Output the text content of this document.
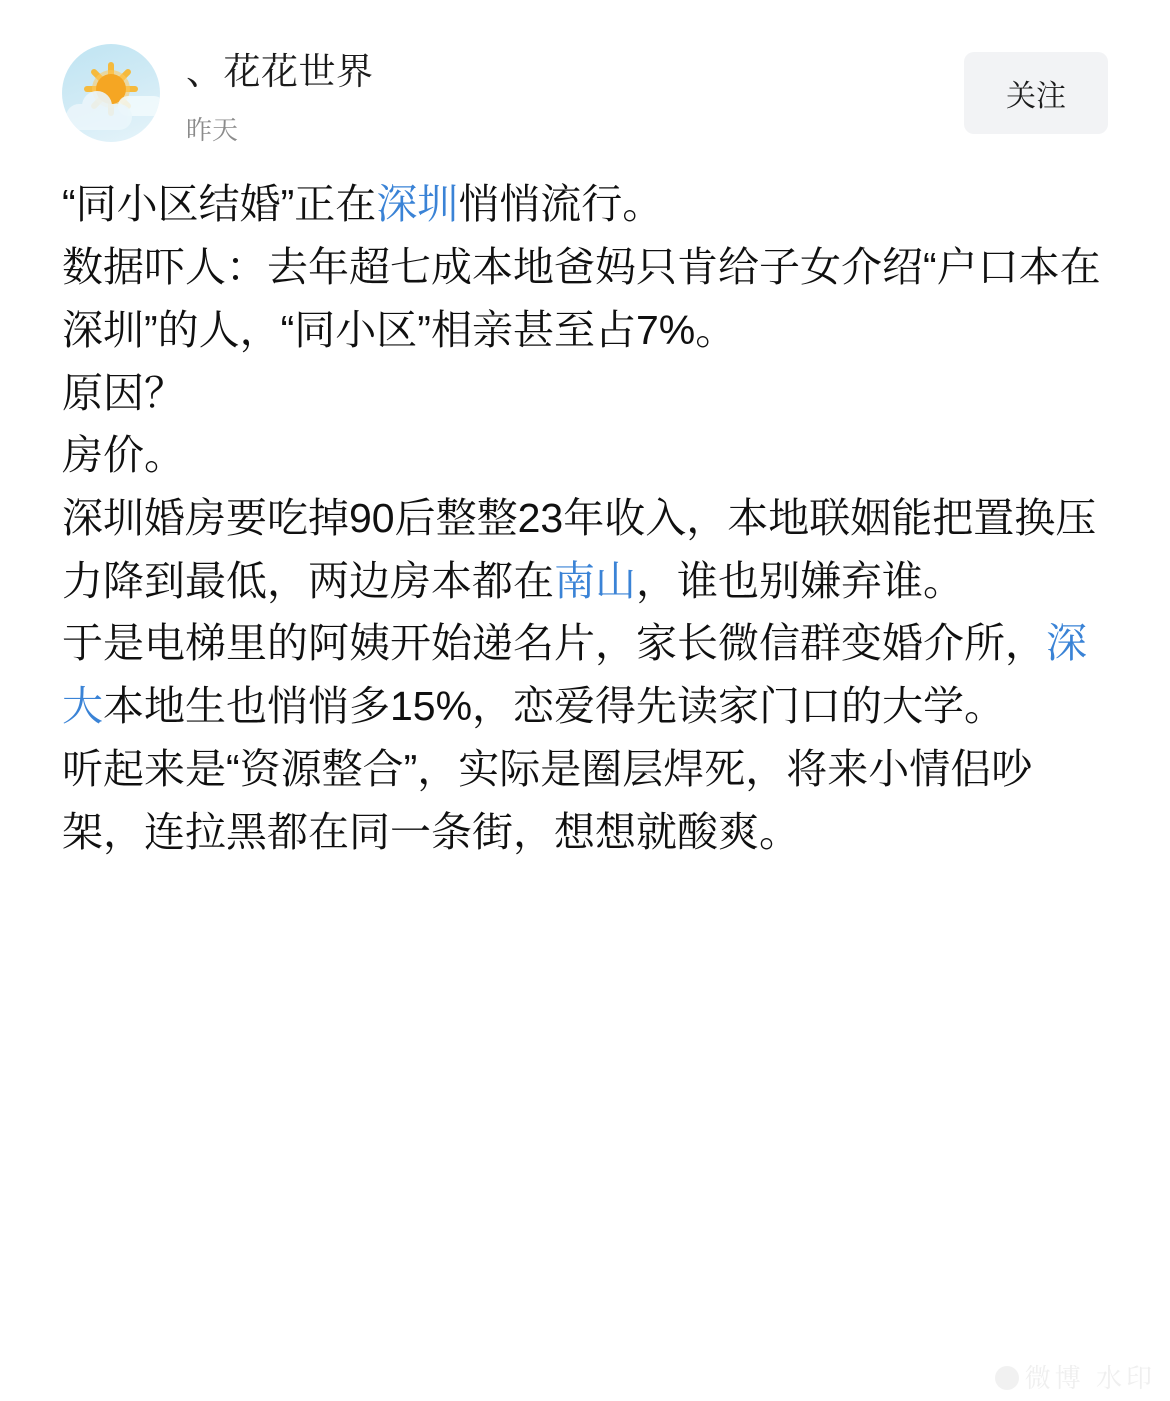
、花花世界
昨天
关注

“同小区结婚”正在深圳悄悄流行。

数据吓人：去年超七成本地爸妈只肯给子女介绍“户口本在深圳”的人，“同小区”相亲甚至占7%。

原因？

房价。

深圳婚房要吃掉90后整整23年收入，本地联姻能把置换压力降到最低，两边房本都在南山，谁也别嫌弃谁。

于是电梯里的阿姨开始递名片，家长微信群变婚介所，深大本地生也悄悄多15%，恋爱得先读家门口的大学。

听起来是“资源整合”，实际是圈层焊死，将来小情侣吵架，连拉黑都在同一条街，想想就酸爽。

微博 水印
